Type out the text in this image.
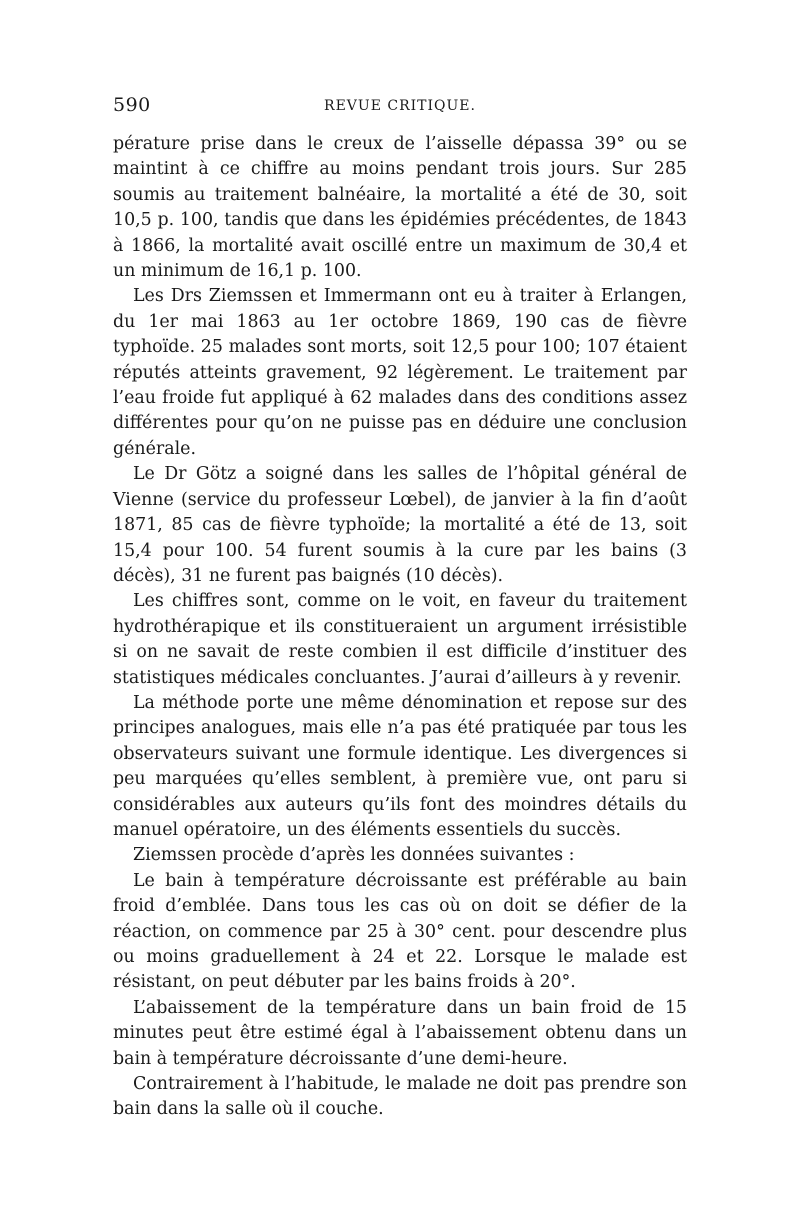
590	REVUE CRITIQUE.

pérature prise dans le creux de l’aisselle dépassa 39° ou se maintint à ce chiffre au moins pendant trois jours. Sur 285 soumis au traitement balnéaire, la mortalité a été de 30, soit 10,5 p. 100, tandis que dans les épidémies précédentes, de 1843 à 1866, la mortalité avait oscillé entre un maximum de 30,4 et un minimum de 16,1 p. 100.

Les Drs Ziemssen et Immermann ont eu à traiter à Erlangen, du 1er mai 1863 au 1er octobre 1869, 190 cas de fièvre typhoïde. 25 malades sont morts, soit 12,5 pour 100; 107 étaient réputés atteints gravement, 92 légèrement. Le traitement par l’eau froide fut appliqué à 62 malades dans des conditions assez différentes pour qu’on ne puisse pas en déduire une conclusion générale.

Le Dr Götz a soigné dans les salles de l’hôpital général de Vienne (service du professeur Lœbel), de janvier à la fin d’août 1871, 85 cas de fièvre typhoïde; la mortalité a été de 13, soit 15,4 pour 100. 54 furent soumis à la cure par les bains (3 décès), 31 ne furent pas baignés (10 décès).

Les chiffres sont, comme on le voit, en faveur du traitement hydrothérapique et ils constitueraient un argument irrésistible si on ne savait de reste combien il est difficile d’instituer des statistiques médicales concluantes. J’aurai d’ailleurs à y revenir.

La méthode porte une même dénomination et repose sur des principes analogues, mais elle n’a pas été pratiquée par tous les observateurs suivant une formule identique. Les divergences si peu marquées qu’elles semblent, à première vue, ont paru si considérables aux auteurs qu’ils font des moindres détails du manuel opératoire, un des éléments essentiels du succès.

Ziemssen procède d’après les données suivantes :

Le bain à température décroissante est préférable au bain froid d’emblée. Dans tous les cas où on doit se défier de la réaction, on commence par 25 à 30° cent. pour descendre plus ou moins graduellement à 24 et 22. Lorsque le malade est résistant, on peut débuter par les bains froids à 20°.

L’abaissement de la température dans un bain froid de 15 minutes peut être estimé égal à l’abaissement obtenu dans un bain à température décroissante d’une demi-heure.

Contrairement à l’habitude, le malade ne doit pas prendre son bain dans la salle où il couche.
